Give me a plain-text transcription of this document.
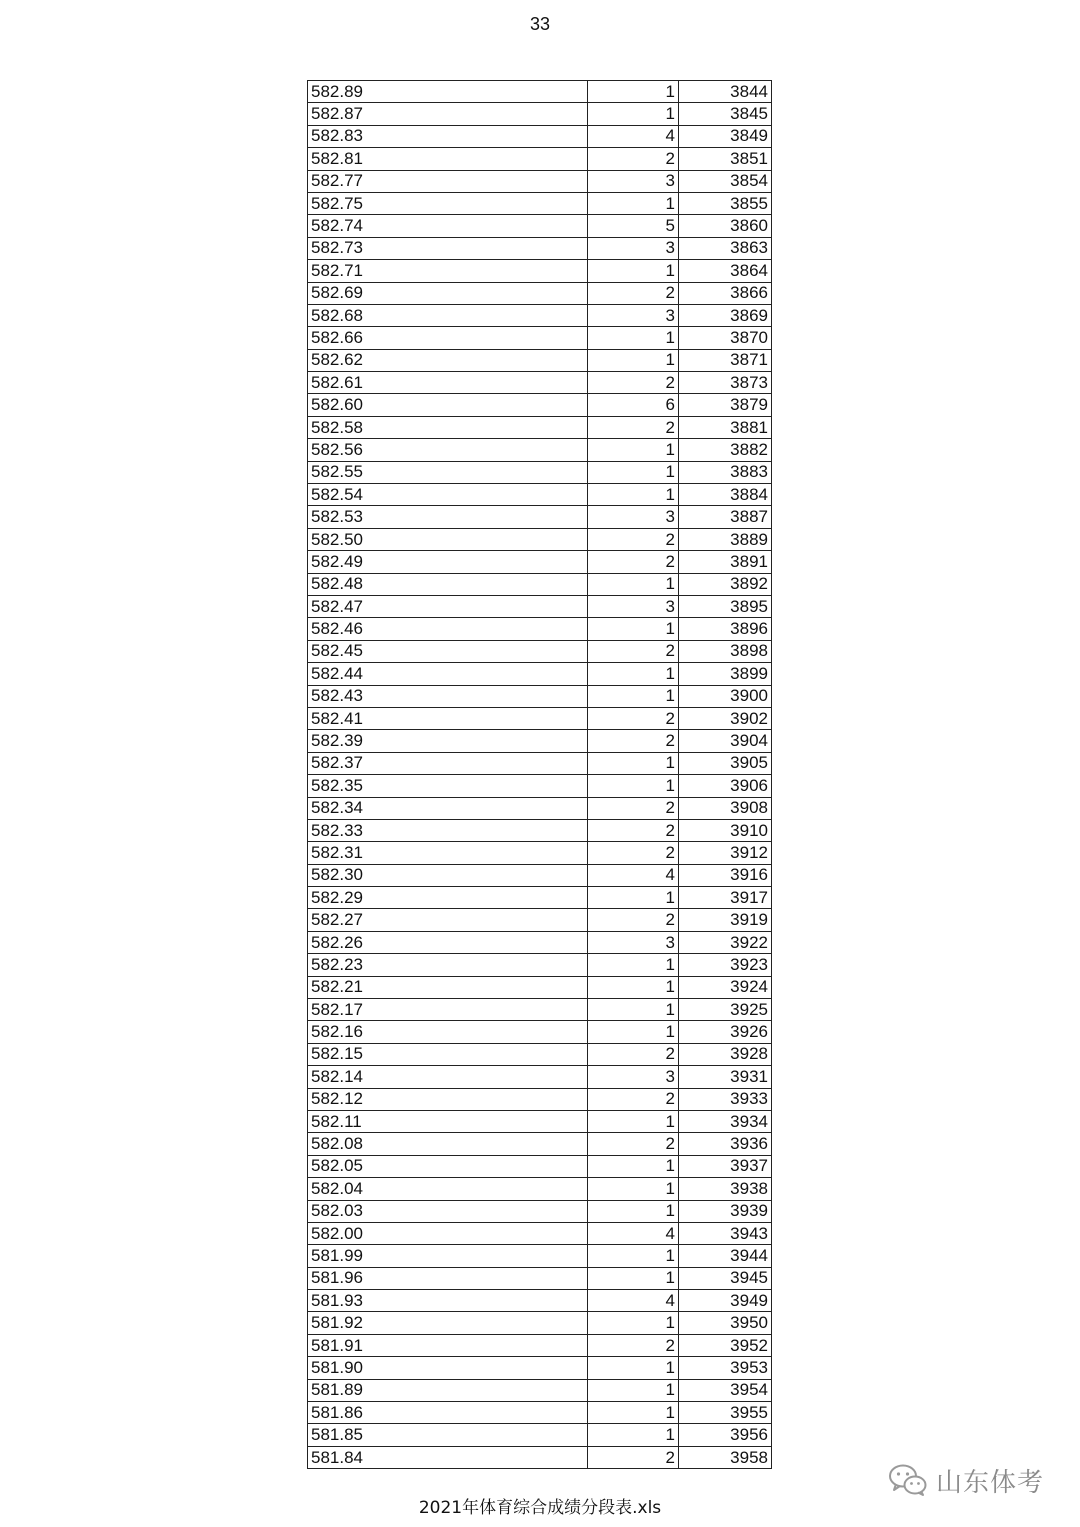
33
582.89	1	3844
582.87	1	3845
582.83	4	3849
582.81	2	3851
582.77	3	3854
582.75	1	3855
582.74	5	3860
582.73	3	3863
582.71	1	3864
582.69	2	3866
582.68	3	3869
582.66	1	3870
582.62	1	3871
582.61	2	3873
582.60	6	3879
582.58	2	3881
582.56	1	3882
582.55	1	3883
582.54	1	3884
582.53	3	3887
582.50	2	3889
582.49	2	3891
582.48	1	3892
582.47	3	3895
582.46	1	3896
582.45	2	3898
582.44	1	3899
582.43	1	3900
582.41	2	3902
582.39	2	3904
582.37	1	3905
582.35	1	3906
582.34	2	3908
582.33	2	3910
582.31	2	3912
582.30	4	3916
582.29	1	3917
582.27	2	3919
582.26	3	3922
582.23	1	3923
582.21	1	3924
582.17	1	3925
582.16	1	3926
582.15	2	3928
582.14	3	3931
582.12	2	3933
582.11	1	3934
582.08	2	3936
582.05	1	3937
582.04	1	3938
582.03	1	3939
582.00	4	3943
581.99	1	3944
581.96	1	3945
581.93	4	3949
581.92	1	3950
581.91	2	3952
581.90	1	3953
581.89	1	3954
581.86	1	3955
581.85	1	3956
581.84	2	3958
2021年体育综合成绩分段表.xls
山东体考
